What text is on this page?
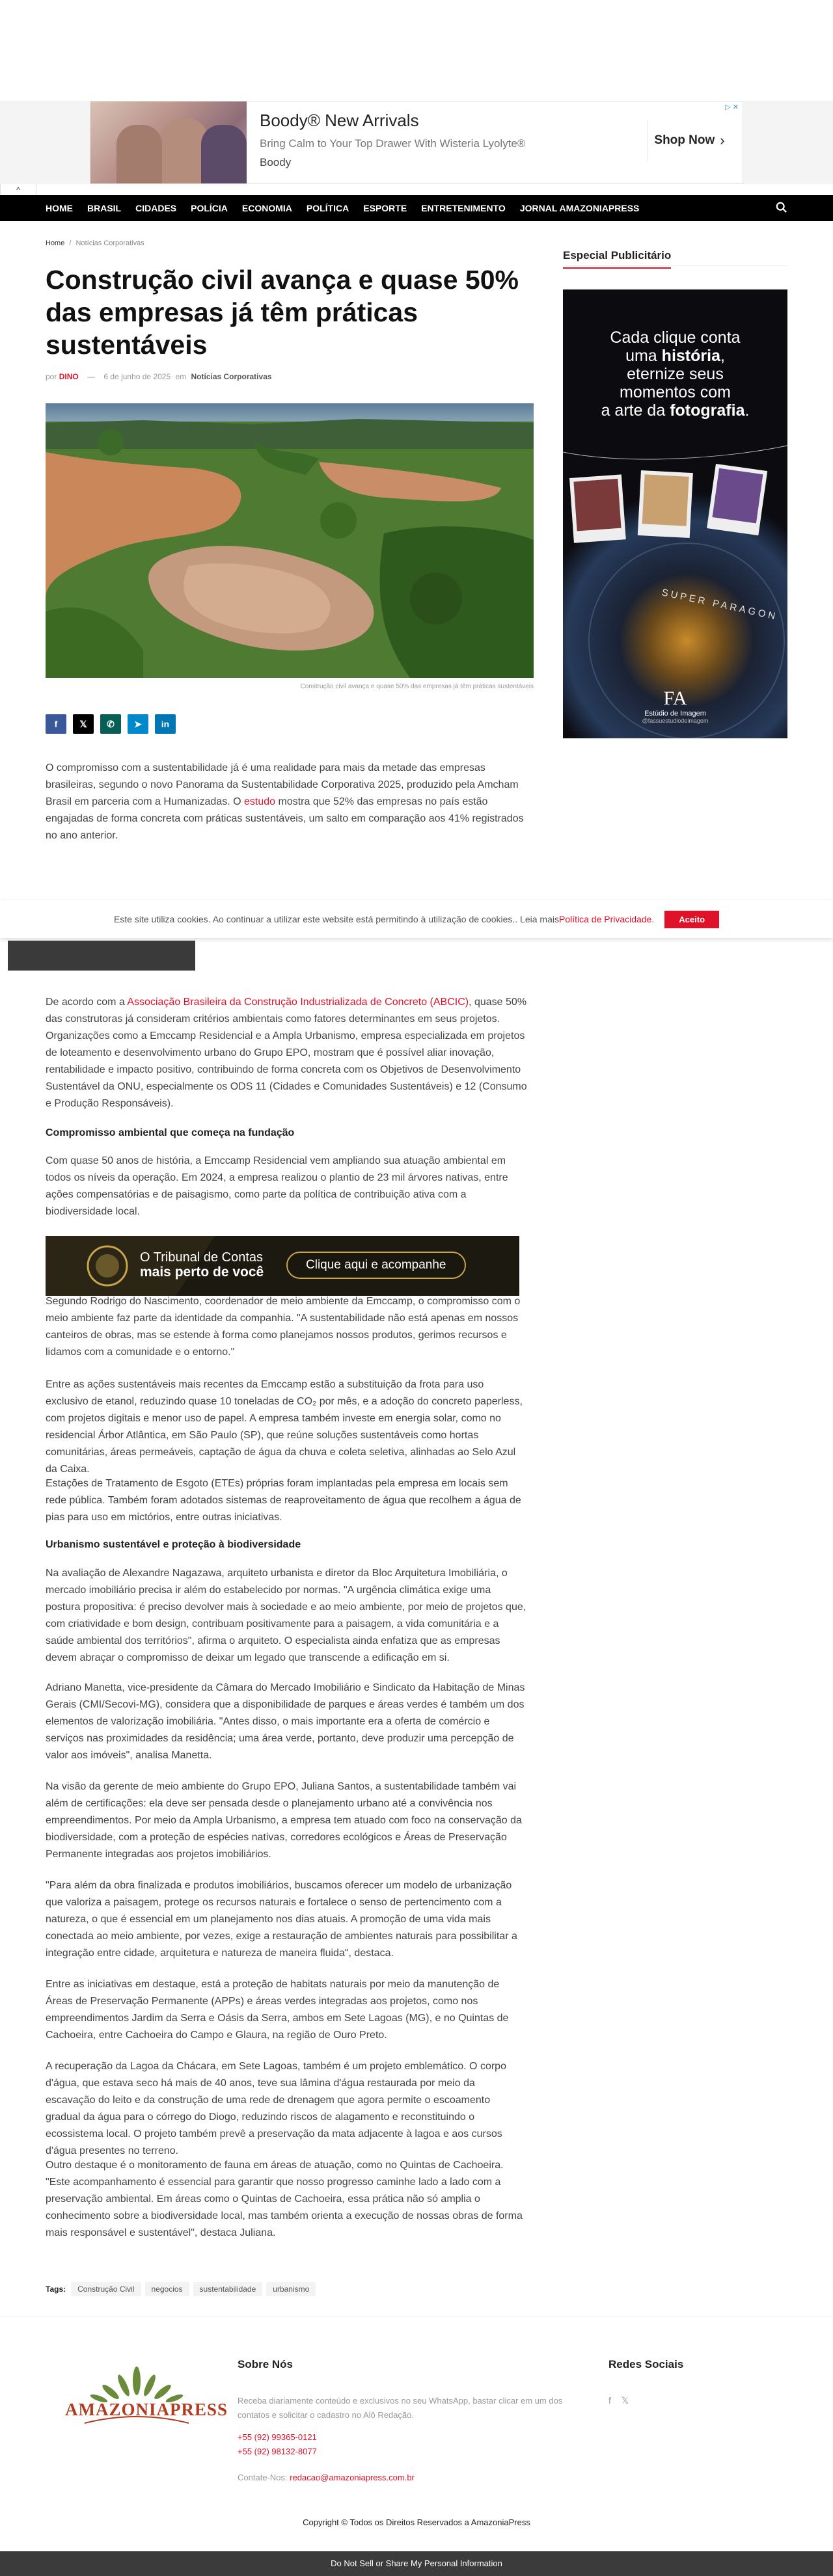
Boody® New Arrivals
Bring Calm to Your Top Drawer With Wisteria Lyolyte®
Boody
Shop Now ›
▷ ✕
^
HOME BRASIL CIDADES POLÍCIA ECONOMIA POLÍTICA ESPORTE ENTRETENIMENTO JORNAL AMAZONIAPRESS
Home / Notícias Corporativas
Construção civil avança e quase 50% das empresas já têm práticas sustentáveis
por DINO — 6 de junho de 2025 em Notícias Corporativas
Construção civil avança e quase 50% das empresas já têm práticas sustentáveis
f	𝕏	✆	➤	in

O compromisso com a sustentabilidade já é uma realidade para mais da metade das empresas brasileiras, segundo o novo Panorama da Sustentabilidade Corporativa 2025, produzido pela Amcham Brasil em parceria com a Humanizadas. O estudo mostra que 52% das empresas no país estão engajadas de forma concreta com práticas sustentáveis, um salto em comparação aos 41% registrados no ano anterior.

De acordo com a Associação Brasileira da Construção Industrializada de Concreto (ABCIC), quase 50% das construtoras já consideram critérios ambientais como fatores determinantes em seus projetos. Organizações como a Emccamp Residencial e a Ampla Urbanismo, empresa especializada em projetos de loteamento e desenvolvimento urbano do Grupo EPO, mostram que é possível aliar inovação, rentabilidade e impacto positivo, contribuindo de forma concreta com os Objetivos de Desenvolvimento Sustentável da ONU, especialmente os ODS 11 (Cidades e Comunidades Sustentáveis) e 12 (Consumo e Produção Responsáveis).

Compromisso ambiental que começa na fundação

Com quase 50 anos de história, a Emccamp Residencial vem ampliando sua atuação ambiental em todos os níveis da operação. Em 2024, a empresa realizou o plantio de 23 mil árvores nativas, entre ações compensatórias e de paisagismo, como parte da política de contribuição ativa com a biodiversidade local.

O Tribunal de Contas
mais perto de você	Clique aqui e acompanhe

Segundo Rodrigo do Nascimento, coordenador de meio ambiente da Emccamp, o compromisso com o meio ambiente faz parte da identidade da companhia. "A sustentabilidade não está apenas em nossos canteiros de obras, mas se estende à forma como planejamos nossos produtos, gerimos recursos e lidamos com a comunidade e o entorno."

Entre as ações sustentáveis mais recentes da Emccamp estão a substituição da frota para uso exclusivo de etanol, reduzindo quase 10 toneladas de CO₂ por mês, e a adoção do concreto paperless, com projetos digitais e menor uso de papel. A empresa também investe em energia solar, como no residencial Árbor Atlântica, em São Paulo (SP), que reúne soluções sustentáveis como hortas comunitárias, áreas permeáveis, captação de água da chuva e coleta seletiva, alinhadas ao Selo Azul da Caixa.

Estações de Tratamento de Esgoto (ETEs) próprias foram implantadas pela empresa em locais sem rede pública. Também foram adotados sistemas de reaproveitamento de água que recolhem a água de pias para uso em mictórios, entre outras iniciativas.

Urbanismo sustentável e proteção à biodiversidade

Na avaliação de Alexandre Nagazawa, arquiteto urbanista e diretor da Bloc Arquitetura Imobiliária, o mercado imobiliário precisa ir além do estabelecido por normas. "A urgência climática exige uma postura propositiva: é preciso devolver mais à sociedade e ao meio ambiente, por meio de projetos que, com criatividade e bom design, contribuam positivamente para a paisagem, a vida comunitária e a saúde ambiental dos territórios", afirma o arquiteto. O especialista ainda enfatiza que as empresas devem abraçar o compromisso de deixar um legado que transcende a edificação em si.

Adriano Manetta, vice-presidente da Câmara do Mercado Imobiliário e Sindicato da Habitação de Minas Gerais (CMI/Secovi-MG), considera que a disponibilidade de parques e áreas verdes é também um dos elementos de valorização imobiliária. "Antes disso, o mais importante era a oferta de comércio e serviços nas proximidades da residência; uma área verde, portanto, deve produzir uma percepção de valor aos imóveis", analisa Manetta.

Na visão da gerente de meio ambiente do Grupo EPO, Juliana Santos, a sustentabilidade também vai além de certificações: ela deve ser pensada desde o planejamento urbano até a convivência nos empreendimentos. Por meio da Ampla Urbanismo, a empresa tem atuado com foco na conservação da biodiversidade, com a proteção de espécies nativas, corredores ecológicos e Áreas de Preservação Permanente integradas aos projetos imobiliários.

"Para além da obra finalizada e produtos imobiliários, buscamos oferecer um modelo de urbanização que valoriza a paisagem, protege os recursos naturais e fortalece o senso de pertencimento com a natureza, o que é essencial em um planejamento nos dias atuais. A promoção de uma vida mais conectada ao meio ambiente, por vezes, exige a restauração de ambientes naturais para possibilitar a integração entre cidade, arquitetura e natureza de maneira fluida", destaca.

Entre as iniciativas em destaque, está a proteção de habitats naturais por meio da manutenção de Áreas de Preservação Permanente (APPs) e áreas verdes integradas aos projetos, como nos empreendimentos Jardim da Serra e Oásis da Serra, ambos em Sete Lagoas (MG), e no Quintas de Cachoeira, entre Cachoeira do Campo e Glaura, na região de Ouro Preto.

A recuperação da Lagoa da Chácara, em Sete Lagoas, também é um projeto emblemático. O corpo d'água, que estava seco há mais de 40 anos, teve sua lâmina d'água restaurada por meio da escavação do leito e da construção de uma rede de drenagem que agora permite o escoamento gradual da água para o córrego do Diogo, reduzindo riscos de alagamento e reconstituindo o ecossistema local. O projeto também prevê a preservação da mata adjacente à lagoa e aos cursos d'água presentes no terreno.

Outro destaque é o monitoramento de fauna em áreas de atuação, como no Quintas de Cachoeira. "Este acompanhamento é essencial para garantir que nosso progresso caminhe lado a lado com a preservação ambiental. Em áreas como o Quintas de Cachoeira, essa prática não só amplia o conhecimento sobre a biodiversidade local, mas também orienta a execução de nossas obras de forma mais responsável e sustentável", destaca Juliana.

Este site utiliza cookies. Ao continuar a utilizar este website está permitindo à utilização de cookies.. Leia mais Política de Privacidade .	Aceito
Especial Publicitário
Cada clique conta
uma história,
eternize seus
momentos com
a arte da fotografia.
SUPER PARAGON
FA
Estúdio de Imagem
@fassuestudiodeimagem
Tags:	Construção Civil	negocios	sustentabilidade	urbanismo
AMAZONIAPRESS
Sobre Nós
Receba diariamente conteúdo e exclusivos no seu WhatsApp, bastar clicar em um dos contatos e solicitar o cadastro no Alô Redação.
+55 (92) 99365-0121
+55 (92) 98132-8077
Contate-Nos: redacao@amazoniapress.com.br
Redes Sociais
f 𝕏
Copyright © Todos os Direitos Reservados a AmazoniaPress
Do Not Sell or Share My Personal Information
